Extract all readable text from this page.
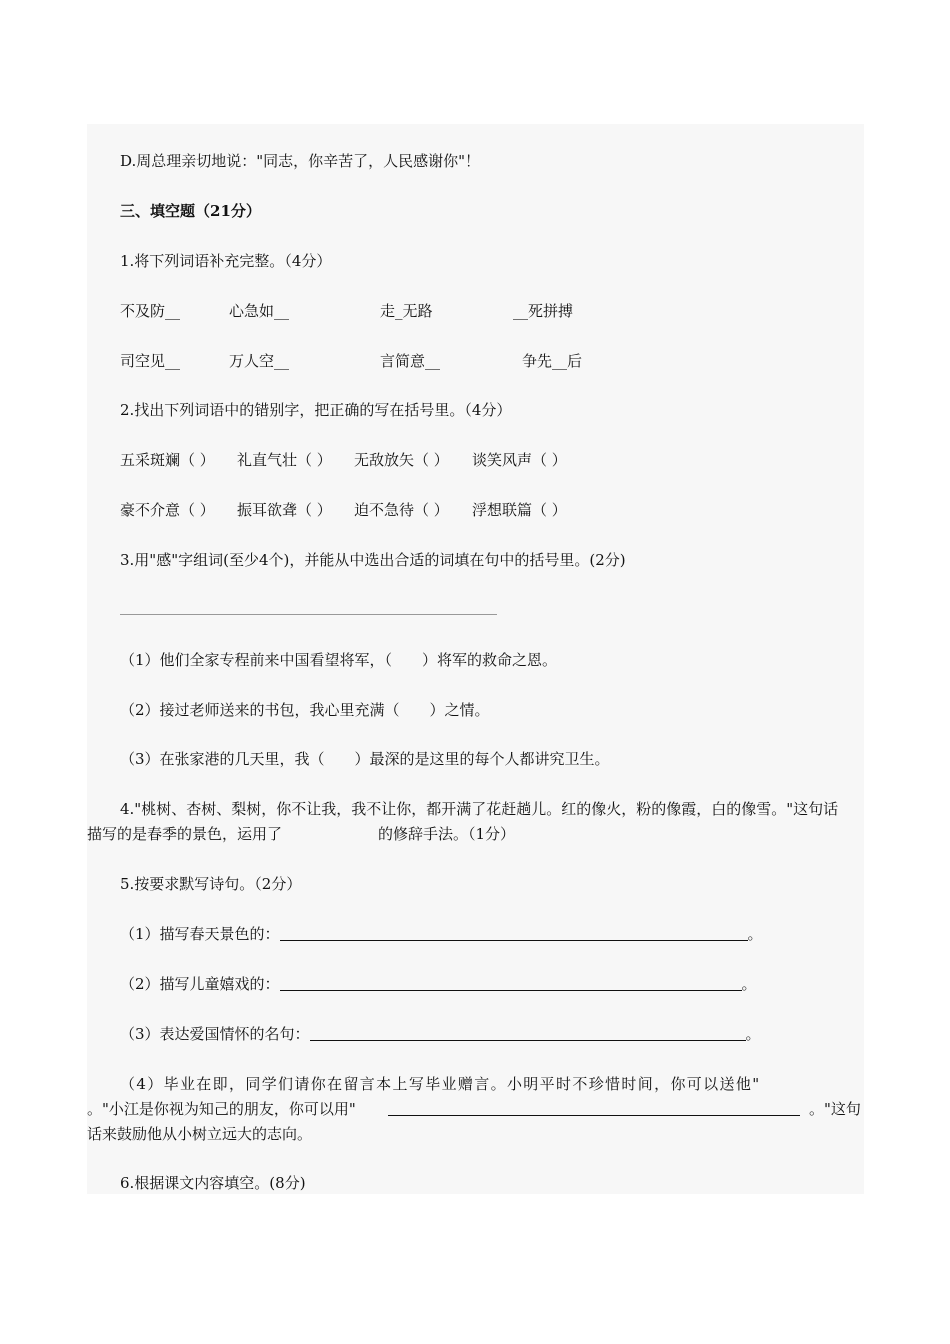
D.周总理亲切地说："同志，你辛苦了，人民感谢你"！

三、填空题（21分）

1.将下列词语补充完整。（4分）

不及防__	心急如__	走_无路	__死拼搏
司空见__	万人空__	言简意__	争先__后

2.找出下列词语中的错别字，把正确的写在括号里。（4分）

五采斑斓（ ） 礼直气壮（ ） 无敌放矢（ ） 谈笑风声（ ）
豪不介意（ ） 振耳欲聋（ ） 迫不急待（ ） 浮想联篇（ ）

3.用"感"字组词(至少4个)，并能从中选出合适的词填在句中的括号里。(2分)

（1）他们全家专程前来中国看望将军，（　　）将军的救命之恩。

（2）接过老师送来的书包，我心里充满（　　）之情。

（3）在张家港的几天里，我（　　）最深的是这里的每个人都讲究卫生。

4."桃树、杏树、梨树，你不让我，我不让你，都开满了花赶趟儿。红的像火，粉的像霞，白的像雪。"这句话

描写的是春季的景色，运用了	的修辞手法。（1分）

5.按要求默写诗句。（2分）

（1）描写春天景色的：	。
（2）描写儿童嬉戏的：	。
（3）表达爱国情怀的名句：	。

（4）毕业在即，同学们请你在留言本上写毕业赠言。小明平时不珍惜时间，你可以送他"

。"小江是你视为知己的朋友，你可以用"	。"这句

话来鼓励他从小树立远大的志向。

6.根据课文内容填空。(8分)
